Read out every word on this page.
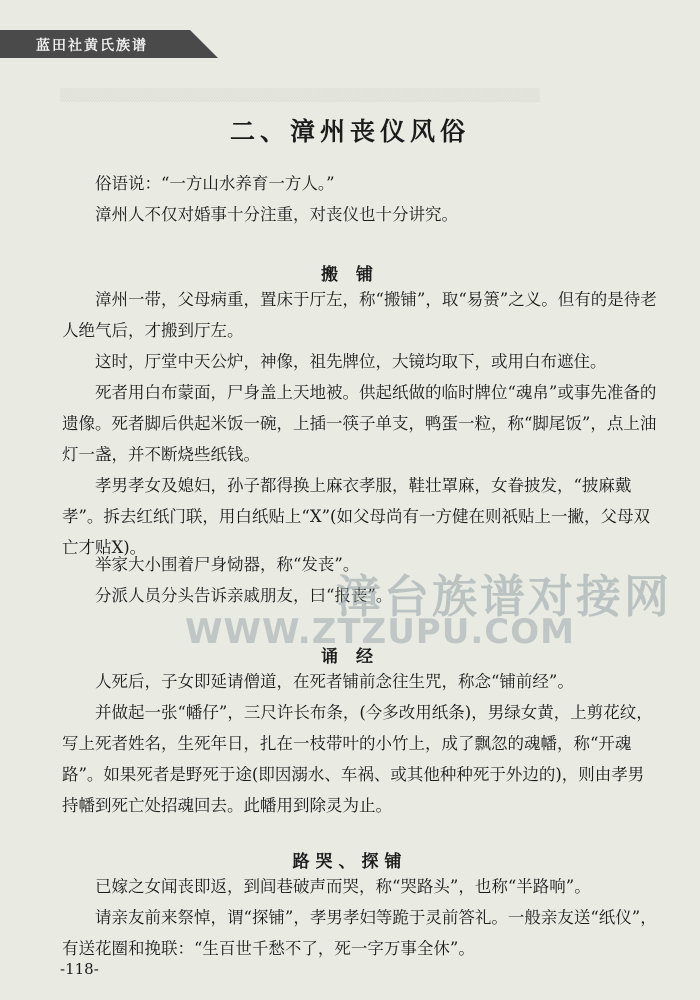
▒▒▒▒▒▒▒▒▒▒▒▒▒▒▒▒▒▒▒▒▒▒▒▒▒▒▒▒▒▒▒▒▒▒▒▒▒▒▒▒▒▒▒▒▒▒▒▒
蓝田社黄氏族谱
二、漳州丧仪风俗
俗语说：“一方山水养育一方人。”
漳州人不仅对婚事十分注重，对丧仪也十分讲究。
搬 铺
漳州一带，父母病重，置床于厅左，称“搬铺”，取“易箦”之义。但有的是待老人绝气后，才搬到厅左。
这时，厅堂中天公炉，神像，祖先牌位，大镜均取下，或用白布遮住。
死者用白布蒙面，尸身盖上天地被。供起纸做的临时牌位“魂帛”或事先准备的遗像。死者脚后供起米饭一碗，上插一筷子单支，鸭蛋一粒，称“脚尾饭”，点上油灯一盏，并不断烧些纸钱。
孝男孝女及媳妇，孙子都得换上麻衣孝服，鞋壮罩麻，女眷披发，“披麻戴孝”。拆去红纸门联，用白纸贴上“X”(如父母尚有一方健在则祇贴上一撇，父母双亡才贴X)。
举家大小围着尸身恸器，称“发丧”。
分派人员分头告诉亲戚朋友，曰“报丧”。
诵 经
人死后，子女即延请僧道，在死者铺前念往生咒，称念“铺前经”。
并做起一张“幡仔”，三尺许长布条，(今多改用纸条)，男绿女黄，上剪花纹，写上死者姓名，生死年日，扎在一枝带叶的小竹上，成了飘忽的魂幡，称“开魂路”。如果死者是野死于途(即因溺水、车祸、或其他种种死于外边的)，则由孝男持幡到死亡处招魂回去。此幡用到除灵为止。
路哭、探铺
已嫁之女闻丧即返，到闾巷破声而哭，称“哭路头”，也称“半路响”。
请亲友前来祭悼，谓“探铺”，孝男孝妇等跪于灵前答礼。一般亲友送“纸仪”，有送花圈和挽联：“生百世千愁不了，死一字万事全休”。
漳台族谱对接网
WWW.ZTZUPU.COM
-118-
